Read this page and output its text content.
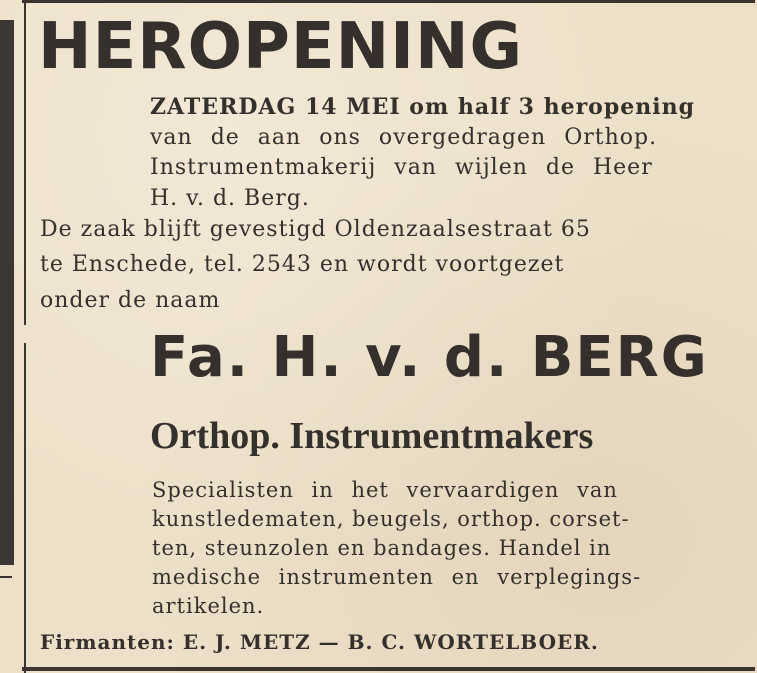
HEROPENING
ZATERDAG 14 MEI om half 3 heropening
van de aan ons overgedragen Orthop.
Instrumentmakerij van wijlen de Heer
H. v. d. Berg.
De zaak blijft gevestigd Oldenzaalsestraat 65
te Enschede, tel. 2543 en wordt voortgezet
onder de naam
Fa. H. v. d. BERG
Orthop. Instrumentmakers
Specialisten in het vervaardigen van
kunstledematen, beugels, orthop. corset-
ten, steunzolen en bandages. Handel in
medische instrumenten en verplegings-
artikelen.
Firmanten: E. J. METZ — B. C. WORTELBOER.
